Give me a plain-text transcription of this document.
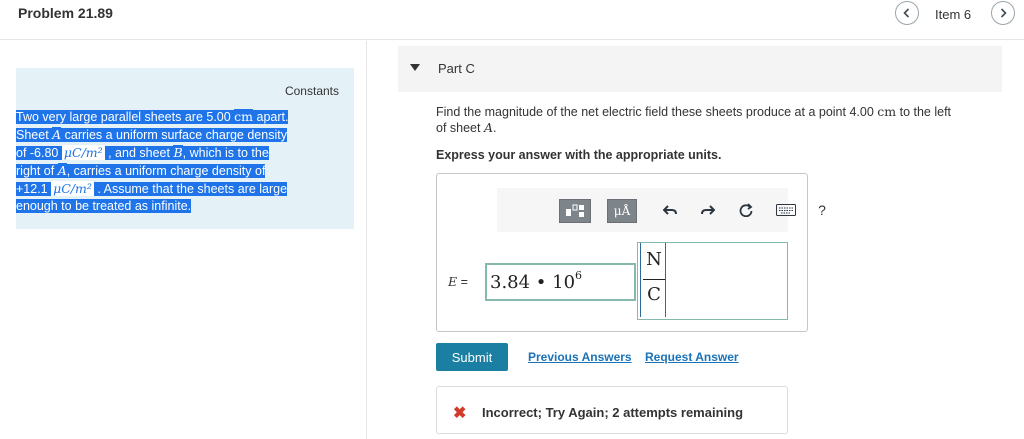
Problem 21.89	Item 6
Constants
Two very large parallel sheets are 5.00 cm apart.
Sheet A carries a uniform surface charge density
of -6.80 μC/m² , and sheet B, which is to the
right of A, carries a uniform charge density of
+12.1 μC/m² . Assume that the sheets are large
enough to be treated as infinite.
Part C
Find the magnitude of the net electric field these sheets produce at a point 4.00 cm to the left
of sheet A.
Express your answer with the appropriate units.
μÅ	?
E = 3.84 • $10^6$
N
C
Submit	Previous Answers Request Answer
✖ Incorrect; Try Again; 2 attempts remaining
